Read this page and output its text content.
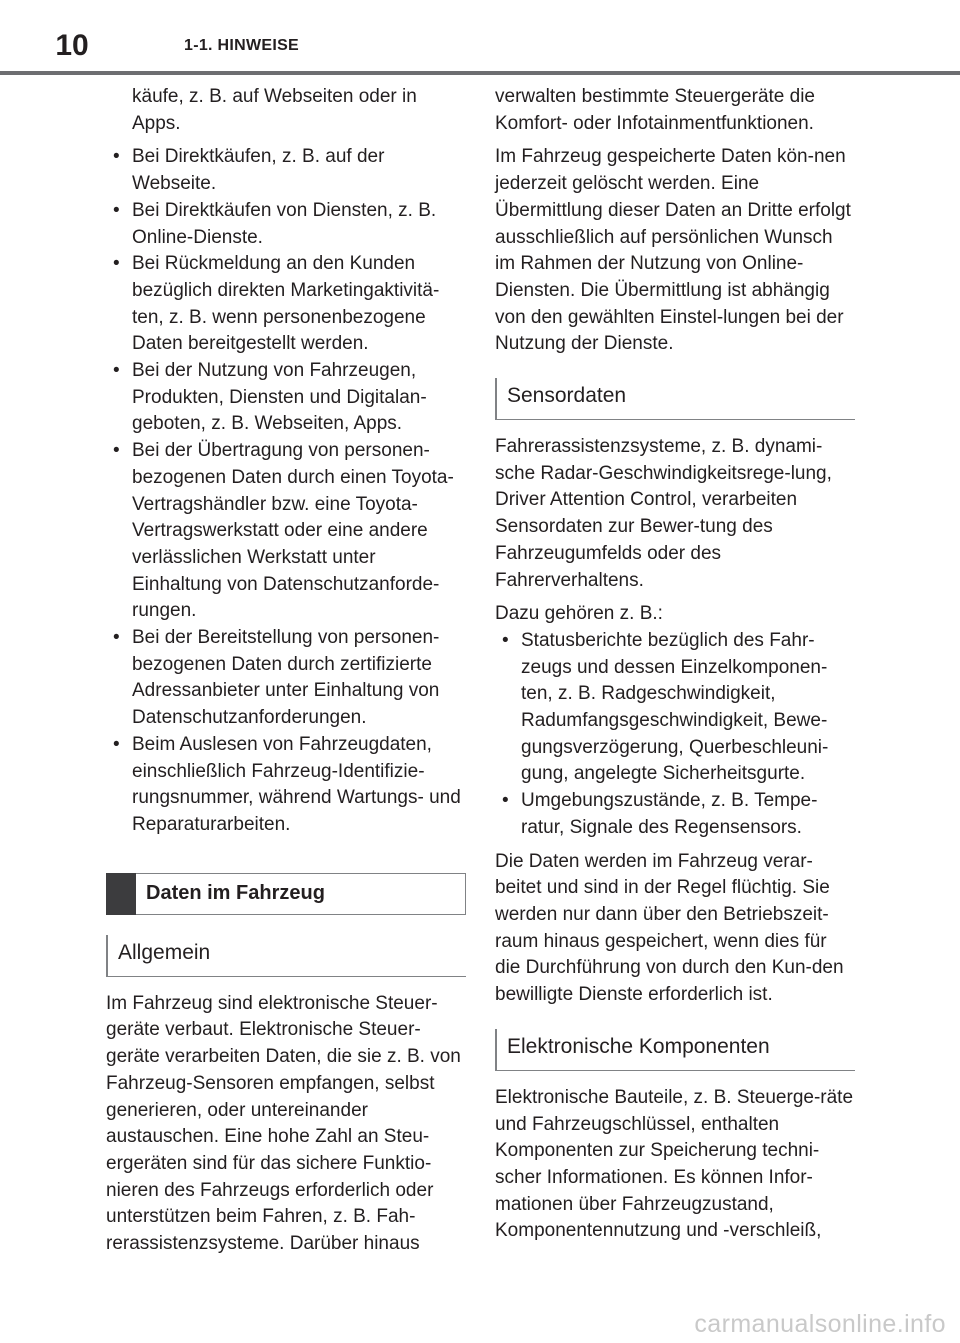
10	1-1. HINWEISE

käufe, z. B. auf Webseiten oder in Apps.

• Bei Direktkäufen, z. B. auf der Webseite.
• Bei Direktkäufen von Diensten, z. B. Online-Dienste.
• Bei Rückmeldung an den Kunden bezüglich direkten Marketingaktivitä-ten, z. B. wenn personenbezogene Daten bereitgestellt werden.
• Bei der Nutzung von Fahrzeugen, Produkten, Diensten und Digitalan-geboten, z. B. Webseiten, Apps.
• Bei der Übertragung von personen-bezogenen Daten durch einen Toyota-Vertragshändler bzw. eine Toyota-Vertragswerkstatt oder eine andere verlässlichen Werkstatt unter Einhaltung von Datenschutzanforde-rungen.
• Bei der Bereitstellung von personen-bezogenen Daten durch zertifizierte Adressanbieter unter Einhaltung von Datenschutzanforderungen.
• Beim Auslesen von Fahrzeugdaten, einschließlich Fahrzeug-Identifizie-rungsnummer, während Wartungs- und Reparaturarbeiten.
Daten im Fahrzeug
Allgemein

Im Fahrzeug sind elektronische Steuer-geräte verbaut. Elektronische Steuer-geräte verarbeiten Daten, die sie z. B. von Fahrzeug-Sensoren empfangen, selbst generieren, oder untereinander austauschen. Eine hohe Zahl an Steu-ergeräten sind für das sichere Funktio-nieren des Fahrzeugs erforderlich oder unterstützen beim Fahren, z. B. Fah-rerassistenzsysteme. Darüber hinaus

verwalten bestimmte Steuergeräte die Komfort- oder Infotainmentfunktionen.

Im Fahrzeug gespeicherte Daten kön-nen jederzeit gelöscht werden. Eine Übermittlung dieser Daten an Dritte erfolgt ausschließlich auf persönlichen Wunsch im Rahmen der Nutzung von Online-Diensten. Die Übermittlung ist abhängig von den gewählten Einstel-lungen bei der Nutzung der Dienste.

Sensordaten

Fahrerassistenzsysteme, z. B. dynami-sche Radar-Geschwindigkeitsrege-lung, Driver Attention Control, verarbeiten Sensordaten zur Bewer-tung des Fahrzeugumfelds oder des Fahrerverhaltens.

Dazu gehören z. B.:

• Statusberichte bezüglich des Fahr-zeugs und dessen Einzelkomponen-ten, z. B. Radgeschwindigkeit, Radumfangsgeschwindigkeit, Bewe-gungsverzögerung, Querbeschleuni-gung, angelegte Sicherheitsgurte.
• Umgebungszustände, z. B. Tempe-ratur, Signale des Regensensors.

Die Daten werden im Fahrzeug verar-beitet und sind in der Regel flüchtig. Sie werden nur dann über den Betriebszeit-raum hinaus gespeichert, wenn dies für die Durchführung von durch den Kun-den bewilligte Dienste erforderlich ist.

Elektronische Komponenten

Elektronische Bauteile, z. B. Steuerge-räte und Fahrzeugschlüssel, enthalten Komponenten zur Speicherung techni-scher Informationen. Es können Infor-mationen über Fahrzeugzustand, Komponentennutzung und -verschleiß,

carmanualsonline.info
